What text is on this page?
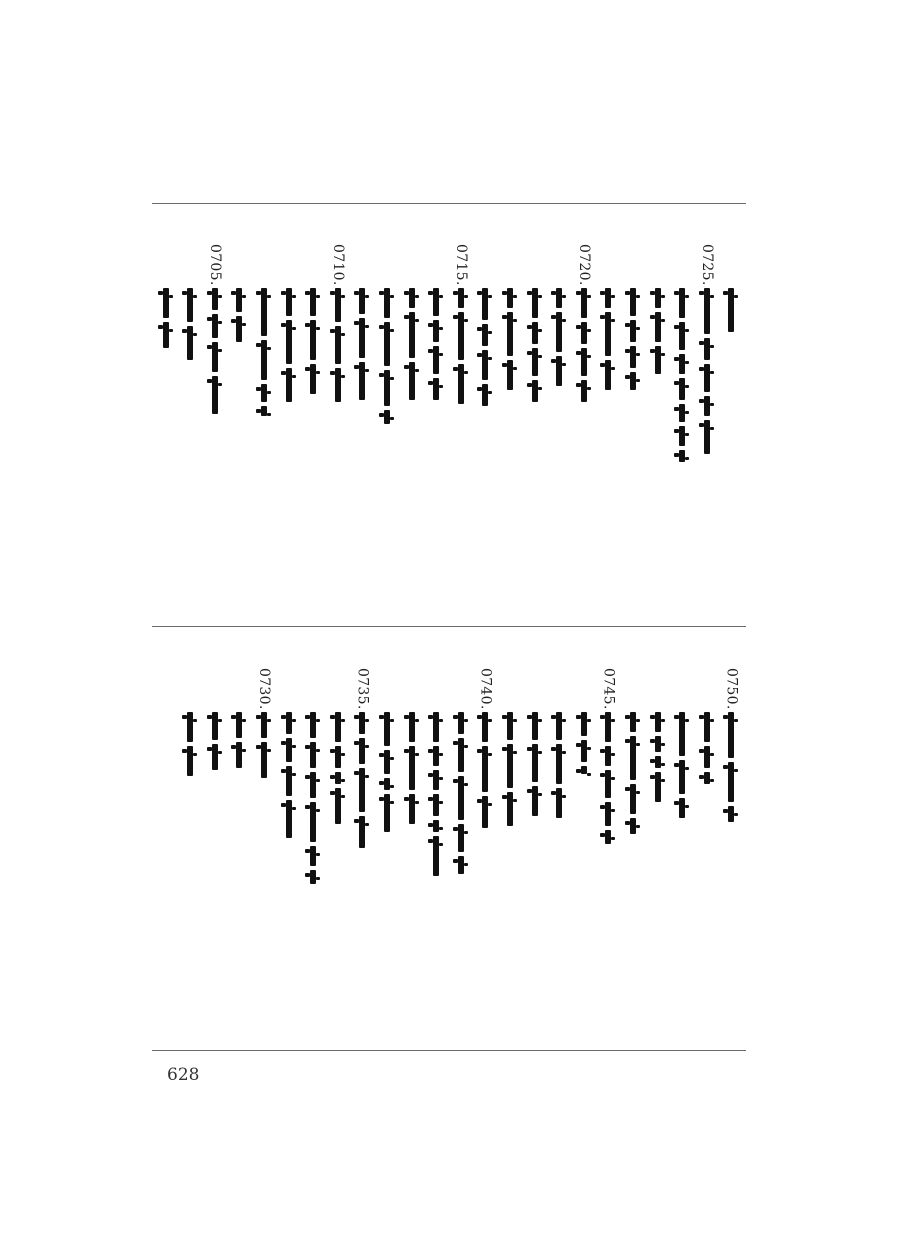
0725.
0720.
0715.
0710.
0705.
0750.
0745.
0740.
0735.
0730.
628
